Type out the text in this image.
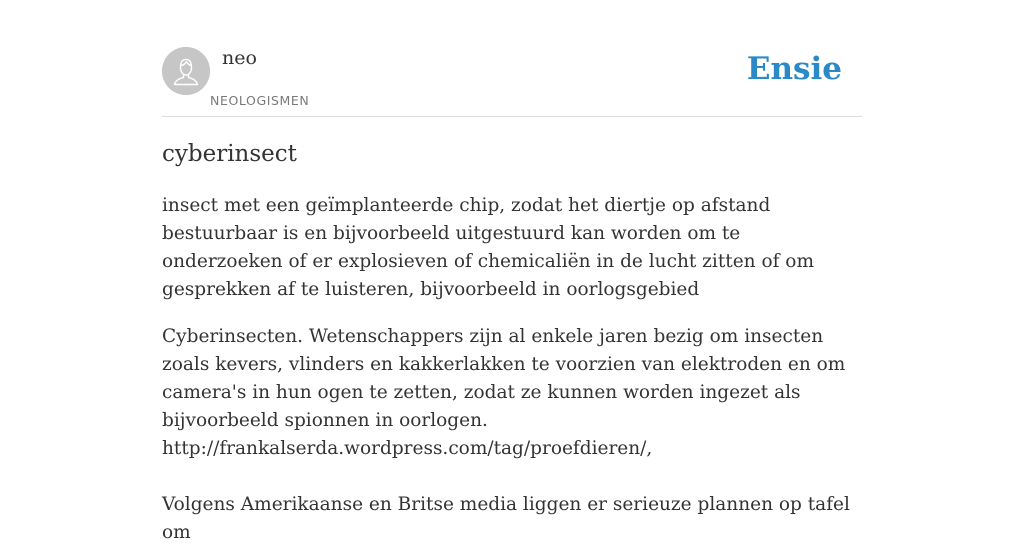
neo
NEOLOGISMEN
Ensie
cyberinsect

insect met een geïmplanteerde chip, zodat het diertje op afstand bestuurbaar is en bijvoorbeeld uitgestuurd kan worden om te onderzoeken of er explosieven of chemicaliën in de lucht zitten of om gesprekken af te luisteren, bijvoorbeeld in oorlogsgebied

Cyberinsecten. Wetenschappers zijn al enkele jaren bezig om insecten zoals kevers, vlinders en kakkerlakken te voorzien van elektroden en om camera's in hun ogen te zetten, zodat ze kunnen worden ingezet als bijvoorbeeld spionnen in oorlogen.
http://frankalserda.wordpress.com/tag/proefdieren/,
Volgens Amerikaanse en Britse media liggen er serieuze plannen op tafel om
